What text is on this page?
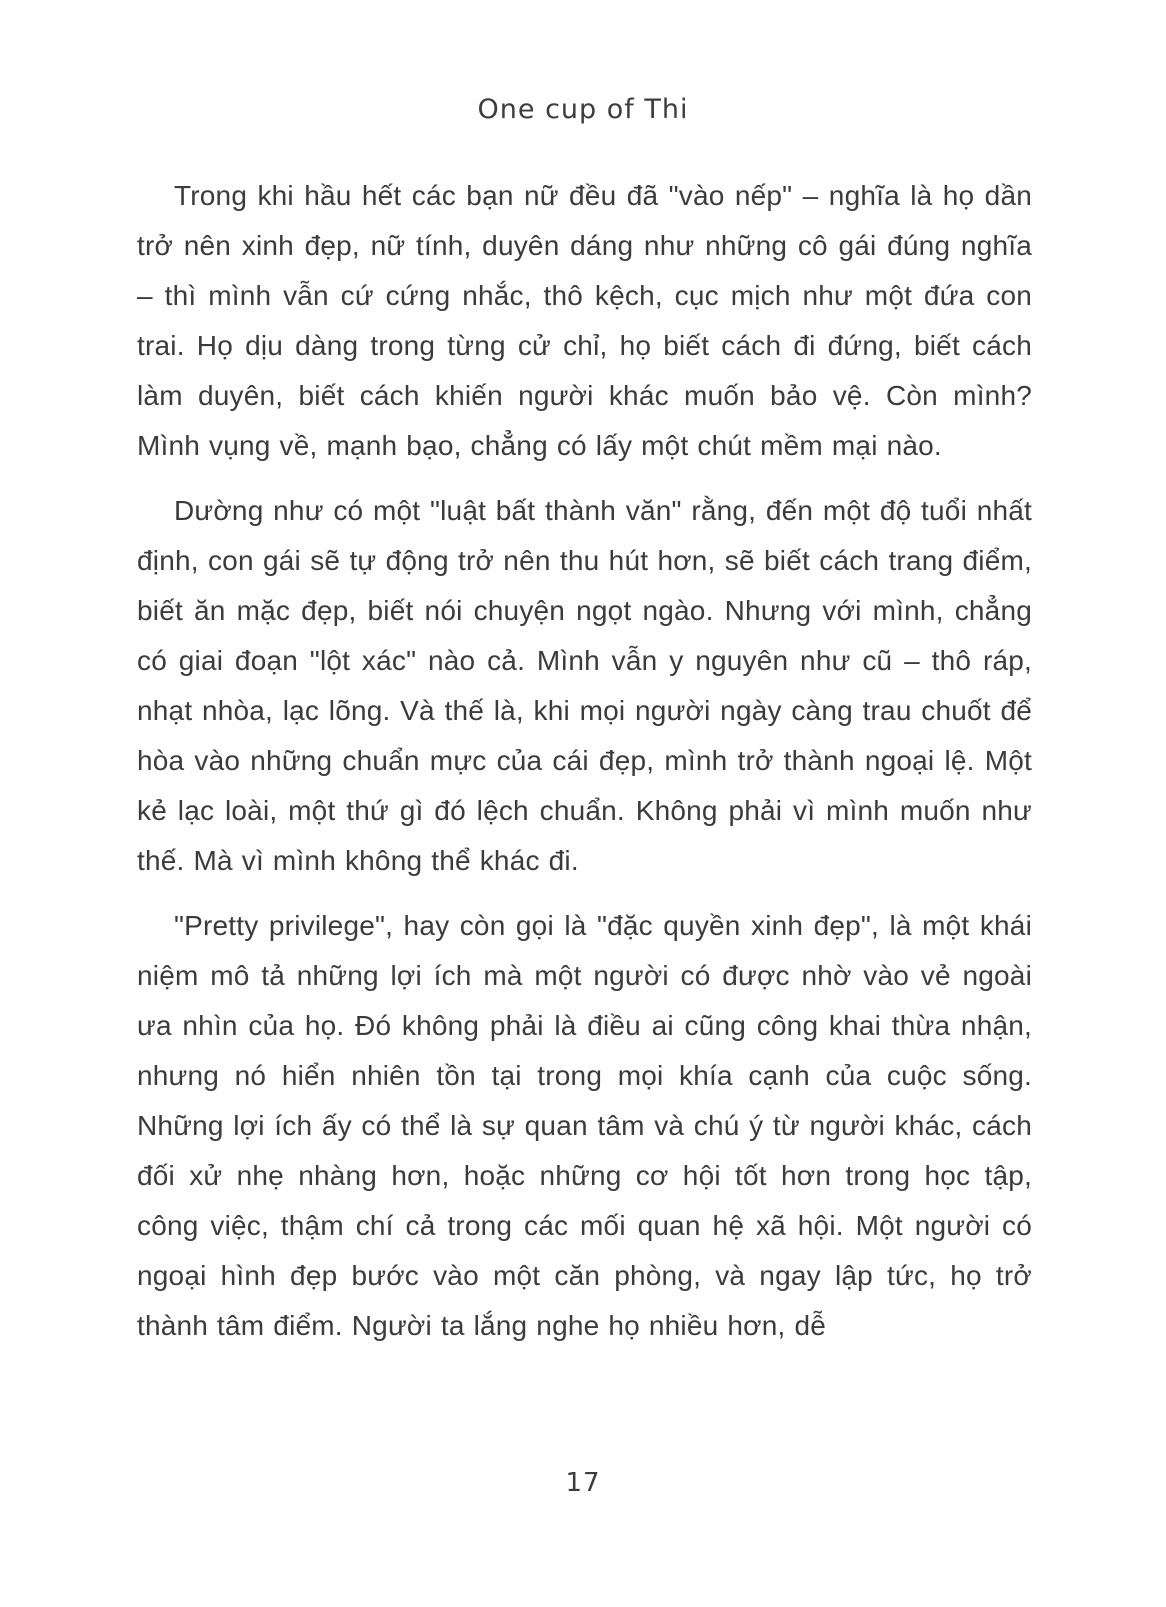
One cup of Thi

Trong khi hầu hết các bạn nữ đều đã "vào nếp" – nghĩa là họ dần trở nên xinh đẹp, nữ tính, duyên dáng như những cô gái đúng nghĩa – thì mình vẫn cứ cứng nhắc, thô kệch, cục mịch như một đứa con trai. Họ dịu dàng trong từng cử chỉ, họ biết cách đi đứng, biết cách làm duyên, biết cách khiến người khác muốn bảo vệ. Còn mình? Mình vụng về, mạnh bạo, chẳng có lấy một chút mềm mại nào.

Dường như có một "luật bất thành văn" rằng, đến một độ tuổi nhất định, con gái sẽ tự động trở nên thu hút hơn, sẽ biết cách trang điểm, biết ăn mặc đẹp, biết nói chuyện ngọt ngào. Nhưng với mình, chẳng có giai đoạn "lột xác" nào cả. Mình vẫn y nguyên như cũ – thô ráp, nhạt nhòa, lạc lõng. Và thế là, khi mọi người ngày càng trau chuốt để hòa vào những chuẩn mực của cái đẹp, mình trở thành ngoại lệ. Một kẻ lạc loài, một thứ gì đó lệch chuẩn. Không phải vì mình muốn như thế. Mà vì mình không thể khác đi.

"Pretty privilege", hay còn gọi là "đặc quyền xinh đẹp", là một khái niệm mô tả những lợi ích mà một người có được nhờ vào vẻ ngoài ưa nhìn của họ. Đó không phải là điều ai cũng công khai thừa nhận, nhưng nó hiển nhiên tồn tại trong mọi khía cạnh của cuộc sống. Những lợi ích ấy có thể là sự quan tâm và chú ý từ người khác, cách đối xử nhẹ nhàng hơn, hoặc những cơ hội tốt hơn trong học tập, công việc, thậm chí cả trong các mối quan hệ xã hội. Một người có ngoại hình đẹp bước vào một căn phòng, và ngay lập tức, họ trở thành tâm điểm. Người ta lắng nghe họ nhiều hơn, dễ

17
